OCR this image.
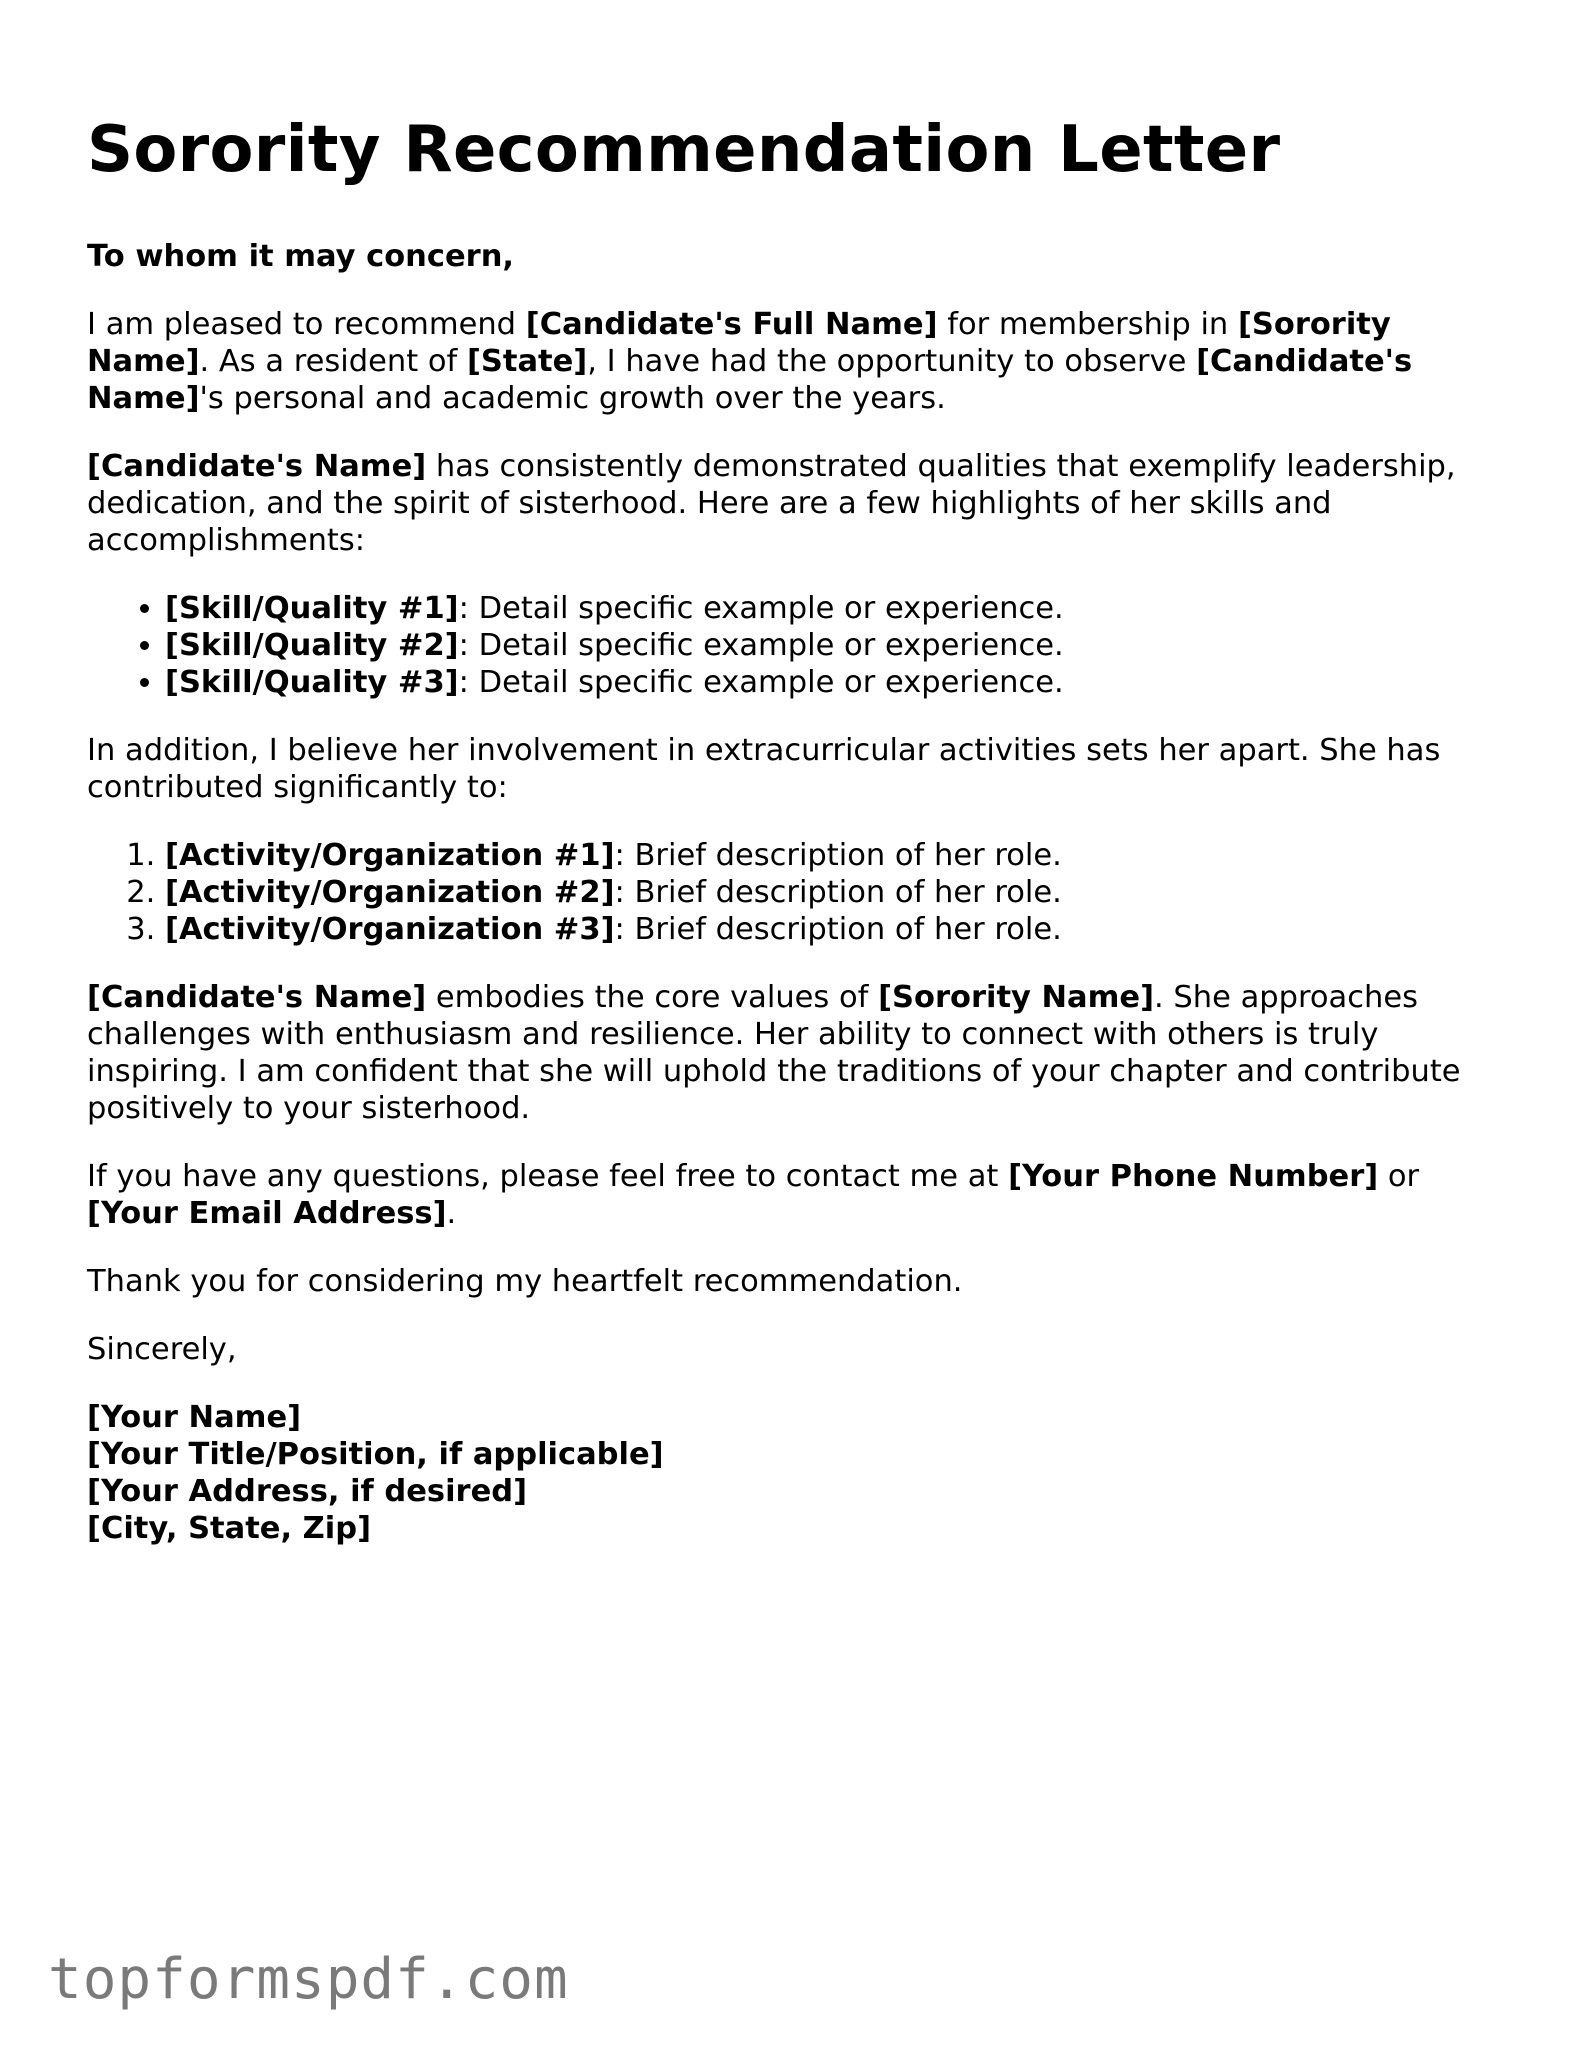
Sorority Recommendation Letter

To whom it may concern,

I am pleased to recommend [Candidate's Full Name] for membership in [Sorority Name]. As a resident of [State], I have had the opportunity to observe [Candidate's Name]'s personal and academic growth over the years.

[Candidate's Name] has consistently demonstrated qualities that exemplify leadership, dedication, and the spirit of sisterhood. Here are a few highlights of her skills and accomplishments:

• [Skill/Quality #1]: Detail specific example or experience.
• [Skill/Quality #2]: Detail specific example or experience.
• [Skill/Quality #3]: Detail specific example or experience.

In addition, I believe her involvement in extracurricular activities sets her apart. She has contributed significantly to:

1. [Activity/Organization #1]: Brief description of her role.
2. [Activity/Organization #2]: Brief description of her role.
3. [Activity/Organization #3]: Brief description of her role.

[Candidate's Name] embodies the core values of [Sorority Name]. She approaches challenges with enthusiasm and resilience. Her ability to connect with others is truly inspiring. I am confident that she will uphold the traditions of your chapter and contribute positively to your sisterhood.

If you have any questions, please feel free to contact me at [Your Phone Number] or [Your Email Address].

Thank you for considering my heartfelt recommendation.

Sincerely,

[Your Name]

[Your Title/Position, if applicable]

[Your Address, if desired]

[City, State, Zip]

topformspdf.com
